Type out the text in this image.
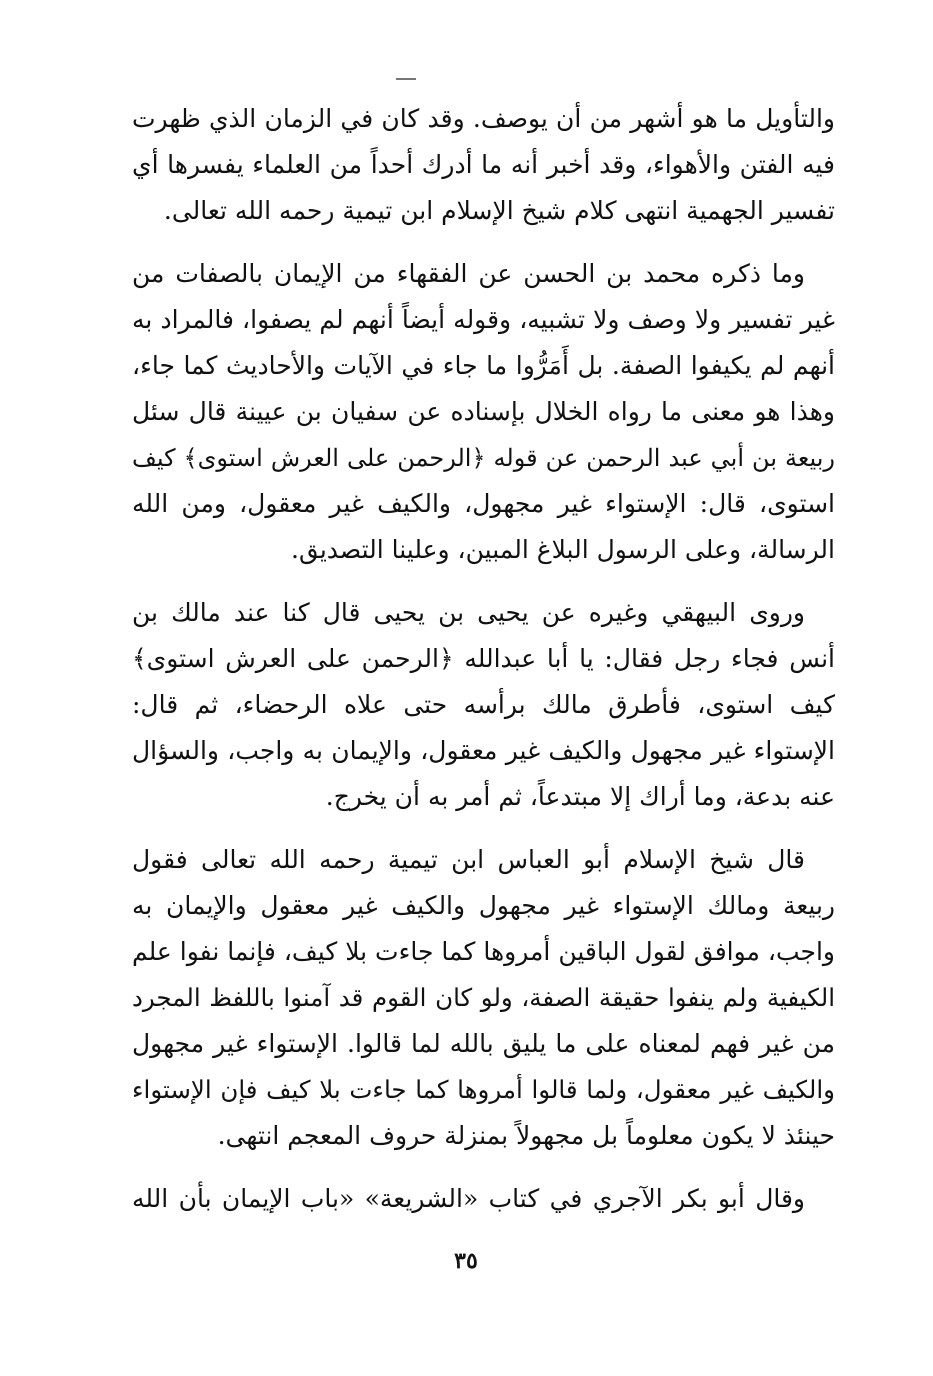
والتأويل ما هو أشهر من أن يوصف. وقد كان في الزمان الذي ظهرت
فيه الفتن والأهواء، وقد أخبر أنه ما أدرك أحداً من العلماء يفسرها أي
تفسير الجهمية انتهى كلام شيخ الإسلام ابن تيمية رحمه الله تعالى.
وما ذكره محمد بن الحسن عن الفقهاء من الإيمان بالصفات من
غير تفسير ولا وصف ولا تشبيه، وقوله أيضاً أنهم لم يصفوا، فالمراد به
أنهم لم يكيفوا الصفة. بل أَمَرُّوا ما جاء في الآيات والأحاديث كما جاء،
وهذا هو معنى ما رواه الخلال بإسناده عن سفيان بن عيينة قال سئل
ربيعة بن أبي عبد الرحمن عن قوله ﴿الرحمن على العرش استوى﴾ كيف
استوى، قال: الإستواء غير مجهول، والكيف غير معقول، ومن الله
الرسالة، وعلى الرسول البلاغ المبين، وعلينا التصديق.
وروى البيهقي وغيره عن يحيى بن يحيى قال كنا عند مالك بن
أنس فجاء رجل فقال: يا أبا عبدالله ﴿الرحمن على العرش استوى﴾
كيف استوى، فأطرق مالك برأسه حتى علاه الرحضاء، ثم قال:
الإستواء غير مجهول والكيف غير معقول، والإيمان به واجب، والسؤال
عنه بدعة، وما أراك إلا مبتدعاً، ثم أمر به أن يخرج.
قال شيخ الإسلام أبو العباس ابن تيمية رحمه الله تعالى فقول
ربيعة ومالك الإستواء غير مجهول والكيف غير معقول والإيمان به
واجب، موافق لقول الباقين أمروها كما جاءت بلا كيف، فإنما نفوا علم
الكيفية ولم ينفوا حقيقة الصفة، ولو كان القوم قد آمنوا باللفظ المجرد
من غير فهم لمعناه على ما يليق بالله لما قالوا. الإستواء غير مجهول
والكيف غير معقول، ولما قالوا أمروها كما جاءت بلا كيف فإن الإستواء
حينئذ لا يكون معلوماً بل مجهولاً بمنزلة حروف المعجم انتهى.
وقال أبو بكر الآجري في كتاب «الشريعة» «باب الإيمان بأن الله
٣٥
